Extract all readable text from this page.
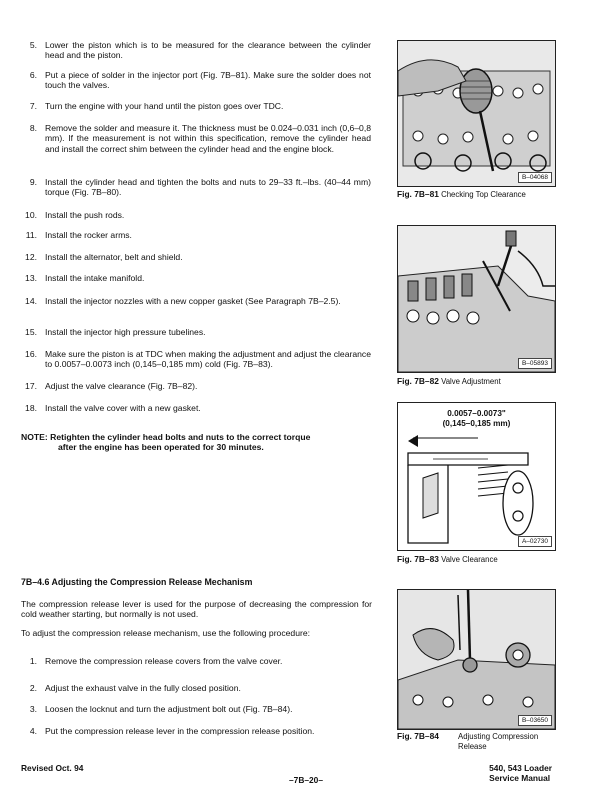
5. Lower the piston which is to be measured for the clearance between the cylinder head and the piston.
6. Put a piece of solder in the injector port (Fig. 7B–81). Make sure the solder does not touch the valves.
7. Turn the engine with your hand until the piston goes over TDC.
8. Remove the solder and measure it. The thickness must be 0.024–0.031 inch (0,6–0,8 mm). If the measurement is not within this specification, remove the cylinder head and install the correct shim between the cylinder head and the engine block.
9. Install the cylinder head and tighten the bolts and nuts to 29–33 ft.–lbs. (40–44 mm) torque (Fig. 7B–80).
10. Install the push rods.
11. Install the rocker arms.
12. Install the alternator, belt and shield.
13. Install the intake manifold.
14. Install the injector nozzles with a new copper gasket (See Paragraph 7B–2.5).
15. Install the injector high pressure tubelines.
16. Make sure the piston is at TDC when making the adjustment and adjust the clearance to 0.0057–0.0073 inch (0,145–0,185 mm) cold (Fig. 7B–83).
17. Adjust the valve clearance (Fig. 7B–82).
18. Install the valve cover with a new gasket.
NOTE: Retighten the cylinder head bolts and nuts to the correct torque
after the engine has been operated for 30 minutes.
7B–4.6 Adjusting the Compression Release Mechanism
The compression release lever is used for the purpose of decreasing the compression for cold weather starting, but normally is not used.
To adjust the compression release mechanism, use the following procedure:
1. Remove the compression release covers from the valve cover.
2. Adjust the exhaust valve in the fully closed position.
3. Loosen the locknut and turn the adjustment bolt out (Fig. 7B–84).
4. Put the compression release lever in the compression release position.
B–04068
Fig. 7B–81 Checking Top Clearance
B–05893
Fig. 7B–82 Valve Adjustment
0.0057–0.0073"
(0,145–0,185 mm)
A–02730
Fig. 7B–83 Valve Clearance
B–03650
Fig. 7B–84 Adjusting Compression
Release
Revised Oct. 94
–7B–20–
540, 543 Loader
Service Manual
